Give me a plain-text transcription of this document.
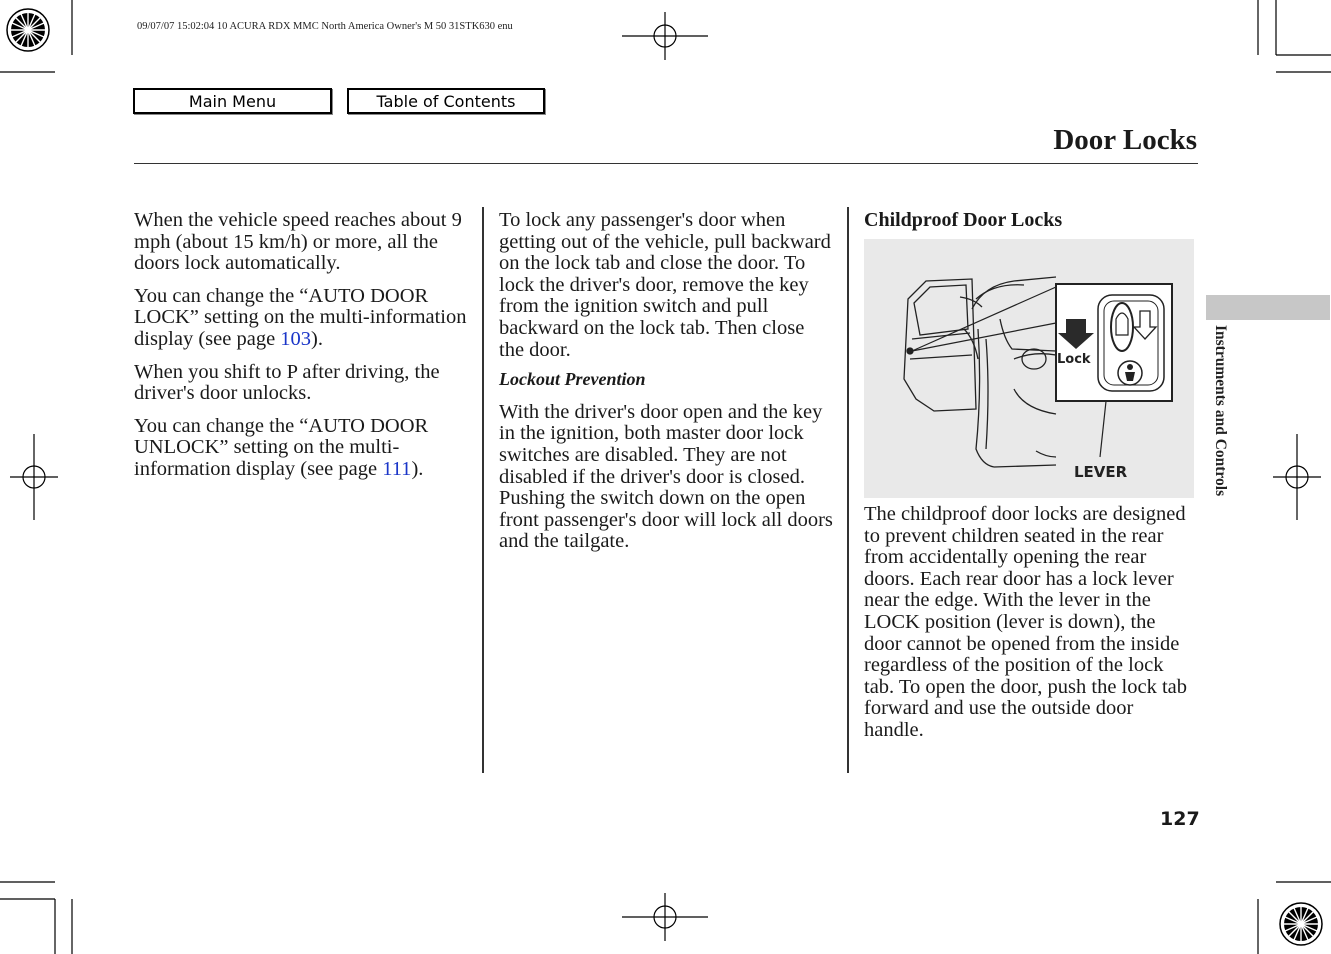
09/07/07 15:02:04 10 ACURA RDX MMC North America Owner's M 50 31STK630 enu
Main Menu	Table of Contents
Door Locks

When the vehicle speed reaches about 9 mph (about 15 km/h) or more, all the doors lock automatically.

You can change the “AUTO DOOR LOCK” setting on the multi-information display (see page 103).

When you shift to P after driving, the driver's door unlocks.

You can change the “AUTO DOOR UNLOCK” setting on the multi-information display (see page 111).

To lock any passenger's door when getting out of the vehicle, pull backward on the lock tab and close the door. To lock the driver's door, remove the key from the ignition switch and pull backward on the lock tab. Then close the door.

Lockout Prevention

With the driver's door open and the key in the ignition, both master door lock switches are disabled. They are not disabled if the driver's door is closed. Pushing the switch down on the open front passenger's door will lock all doors and the tailgate.

Childproof Door Locks

Lock
LEVER

The childproof door locks are designed to prevent children seated in the rear from accidentally opening the rear doors. Each rear door has a lock lever near the edge. With the lever in the LOCK position (lever is down), the door cannot be opened from the inside regardless of the position of the lock tab. To open the door, push the lock tab forward and use the outside door handle.

Instruments and Controls
127
